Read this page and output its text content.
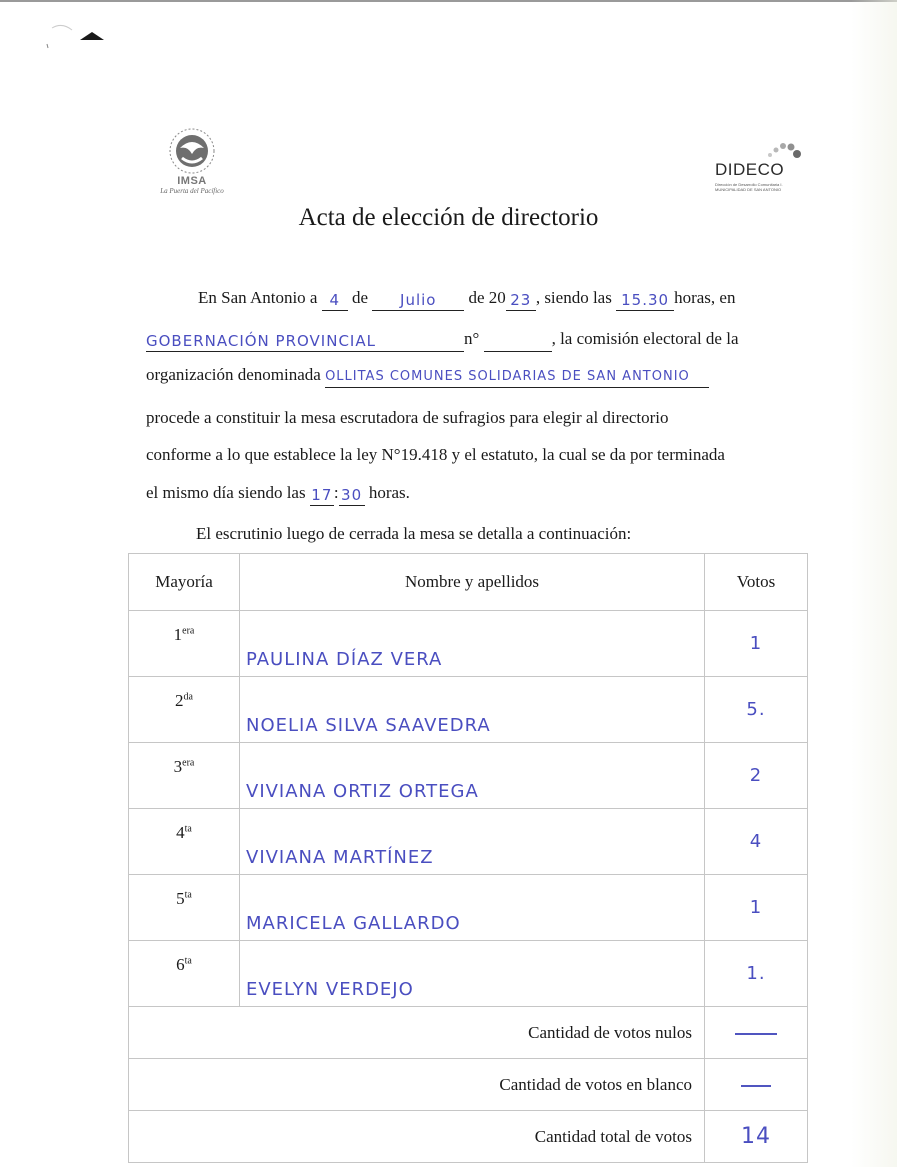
IMSA
La Puerta del Pacífico
DIDECO
Dirección de Desarrollo Comunitaria I. MUNICIPALIDAD DE SAN ANTONIO
Acta de elección de directorio
En San Antonio a 4 de Julio de 20 23 , siendo las 15.30 horas, en
GOBERNACIÓN PROVINCIAL	n°	, la comisión electoral de la
organización denominada OLLITAS COMUNES SOLIDARIAS DE SAN ANTONIO
procede a constituir la mesa escrutadora de sufragios para elegir al directorio
conforme a lo que establece la ley N°19.418 y el estatuto, la cual se da por terminada
el mismo día siendo las 17: 30 horas.
El escrutinio luego de cerrada la mesa se detalla a continuación:
Mayoría	Nombre y apellidos	Votos
$1^{era}$	PAULINA DÍAZ VERA	1
$2^{da}$	NOELIA SILVA SAAVEDRA	5.
$3^{era}$	VIVIANA ORTIZ ORTEGA	2
$4^{ta}$	VIVIANA MARTÍNEZ	4
$5^{ta}$	MARICELA GALLARDO	1
$6^{ta}$	EVELYN VERDEJO	1.
Cantidad de votos nulos		
Cantidad de votos en blanco		
Cantidad total de votos		14
